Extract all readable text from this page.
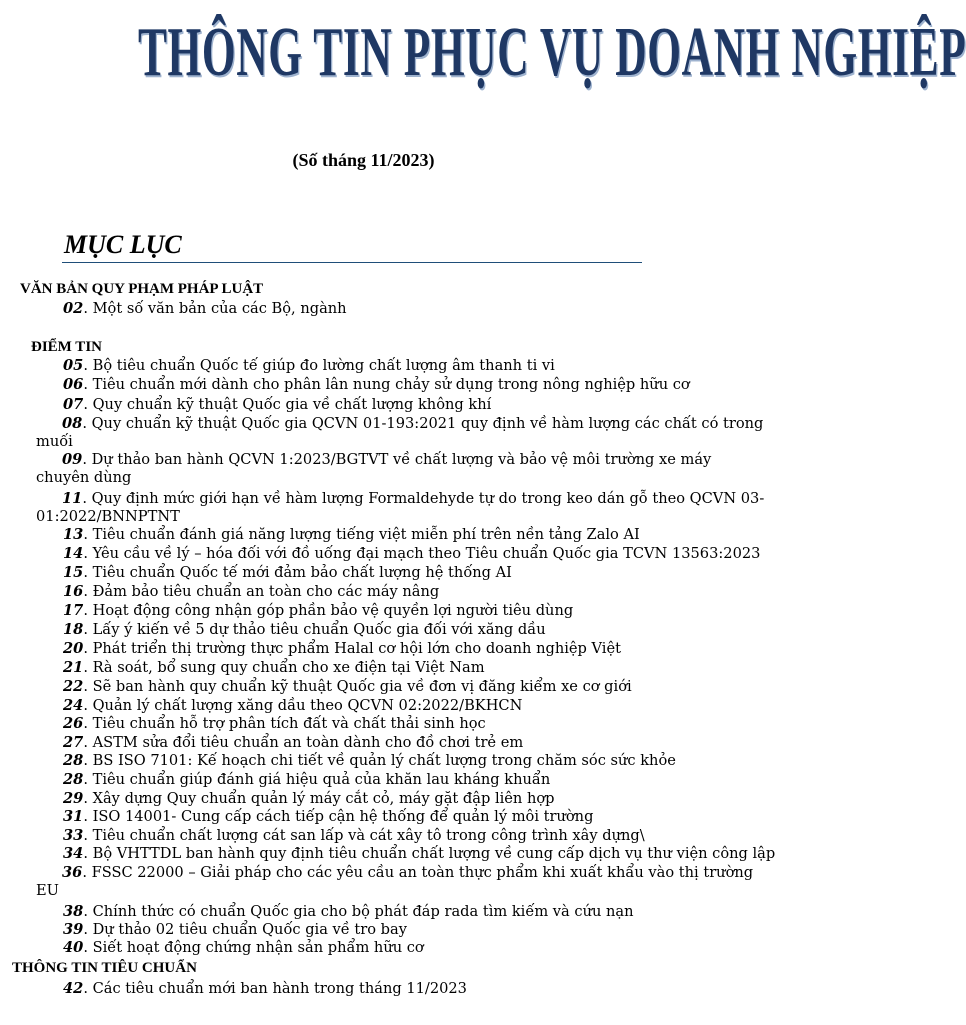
THÔNG TIN PHỤC VỤ DOANH NGHIỆP
(Số tháng 11/2023)
MỤC LỤC
VĂN BẢN QUY PHẠM PHÁP LUẬT
02. Một số văn bản của các Bộ, ngành
ĐIỂM TIN
05. Bộ tiêu chuẩn Quốc tế giúp đo lường chất lượng âm thanh ti vi
06. Tiêu chuẩn mới dành cho phân lân nung chảy sử dụng trong nông nghiệp hữu cơ
07. Quy chuẩn kỹ thuật Quốc gia về chất lượng không khí
08. Quy chuẩn kỹ thuật Quốc gia QCVN 01-193:2021 quy định về hàm lượng các chất có trong
muối
09. Dự thảo ban hành QCVN 1:2023/BGTVT về chất lượng và bảo vệ môi trường xe máy
chuyên dùng
11. Quy định mức giới hạn về hàm lượng Formaldehyde tự do trong keo dán gỗ theo QCVN 03-
01:2022/BNNPTNT
13. Tiêu chuẩn đánh giá năng lượng tiếng việt miễn phí trên nền tảng Zalo AI
14. Yêu cầu về lý – hóa đối với đồ uống đại mạch theo Tiêu chuẩn Quốc gia TCVN 13563:2023
15. Tiêu chuẩn Quốc tế mới đảm bảo chất lượng hệ thống AI
16. Đảm bảo tiêu chuẩn an toàn cho các máy nâng
17. Hoạt động công nhận góp phần bảo vệ quyền lợi người tiêu dùng
18. Lấy ý kiến về 5 dự thảo tiêu chuẩn Quốc gia đối với xăng dầu
20. Phát triển thị trường thực phẩm Halal cơ hội lớn cho doanh nghiệp Việt
21. Rà soát, bổ sung quy chuẩn cho xe điện tại Việt Nam
22. Sẽ ban hành quy chuẩn kỹ thuật Quốc gia về đơn vị đăng kiểm xe cơ giới
24. Quản lý chất lượng xăng dầu theo QCVN 02:2022/BKHCN
26. Tiêu chuẩn hỗ trợ phân tích đất và chất thải sinh học
27. ASTM sửa đổi tiêu chuẩn an toàn dành cho đồ chơi trẻ em
28. BS ISO 7101: Kế hoạch chi tiết về quản lý chất lượng trong chăm sóc sức khỏe
28. Tiêu chuẩn giúp đánh giá hiệu quả của khăn lau kháng khuẩn
29. Xây dựng Quy chuẩn quản lý máy cắt cỏ, máy gặt đập liên hợp
31. ISO 14001- Cung cấp cách tiếp cận hệ thống để quản lý môi trường
33. Tiêu chuẩn chất lượng cát san lấp và cát xây tô trong công trình xây dựng\
34. Bộ VHTTDL ban hành quy định tiêu chuẩn chất lượng về cung cấp dịch vụ thư viện công lập
36. FSSC 22000 – Giải pháp cho các yêu cầu an toàn thực phẩm khi xuất khẩu vào thị trường
EU
38. Chính thức có chuẩn Quốc gia cho bộ phát đáp rada tìm kiếm và cứu nạn
39. Dự thảo 02 tiêu chuẩn Quốc gia về tro bay
40. Siết hoạt động chứng nhận sản phẩm hữu cơ
THÔNG TIN TIÊU CHUẨN
42. Các tiêu chuẩn mới ban hành trong tháng 11/2023
